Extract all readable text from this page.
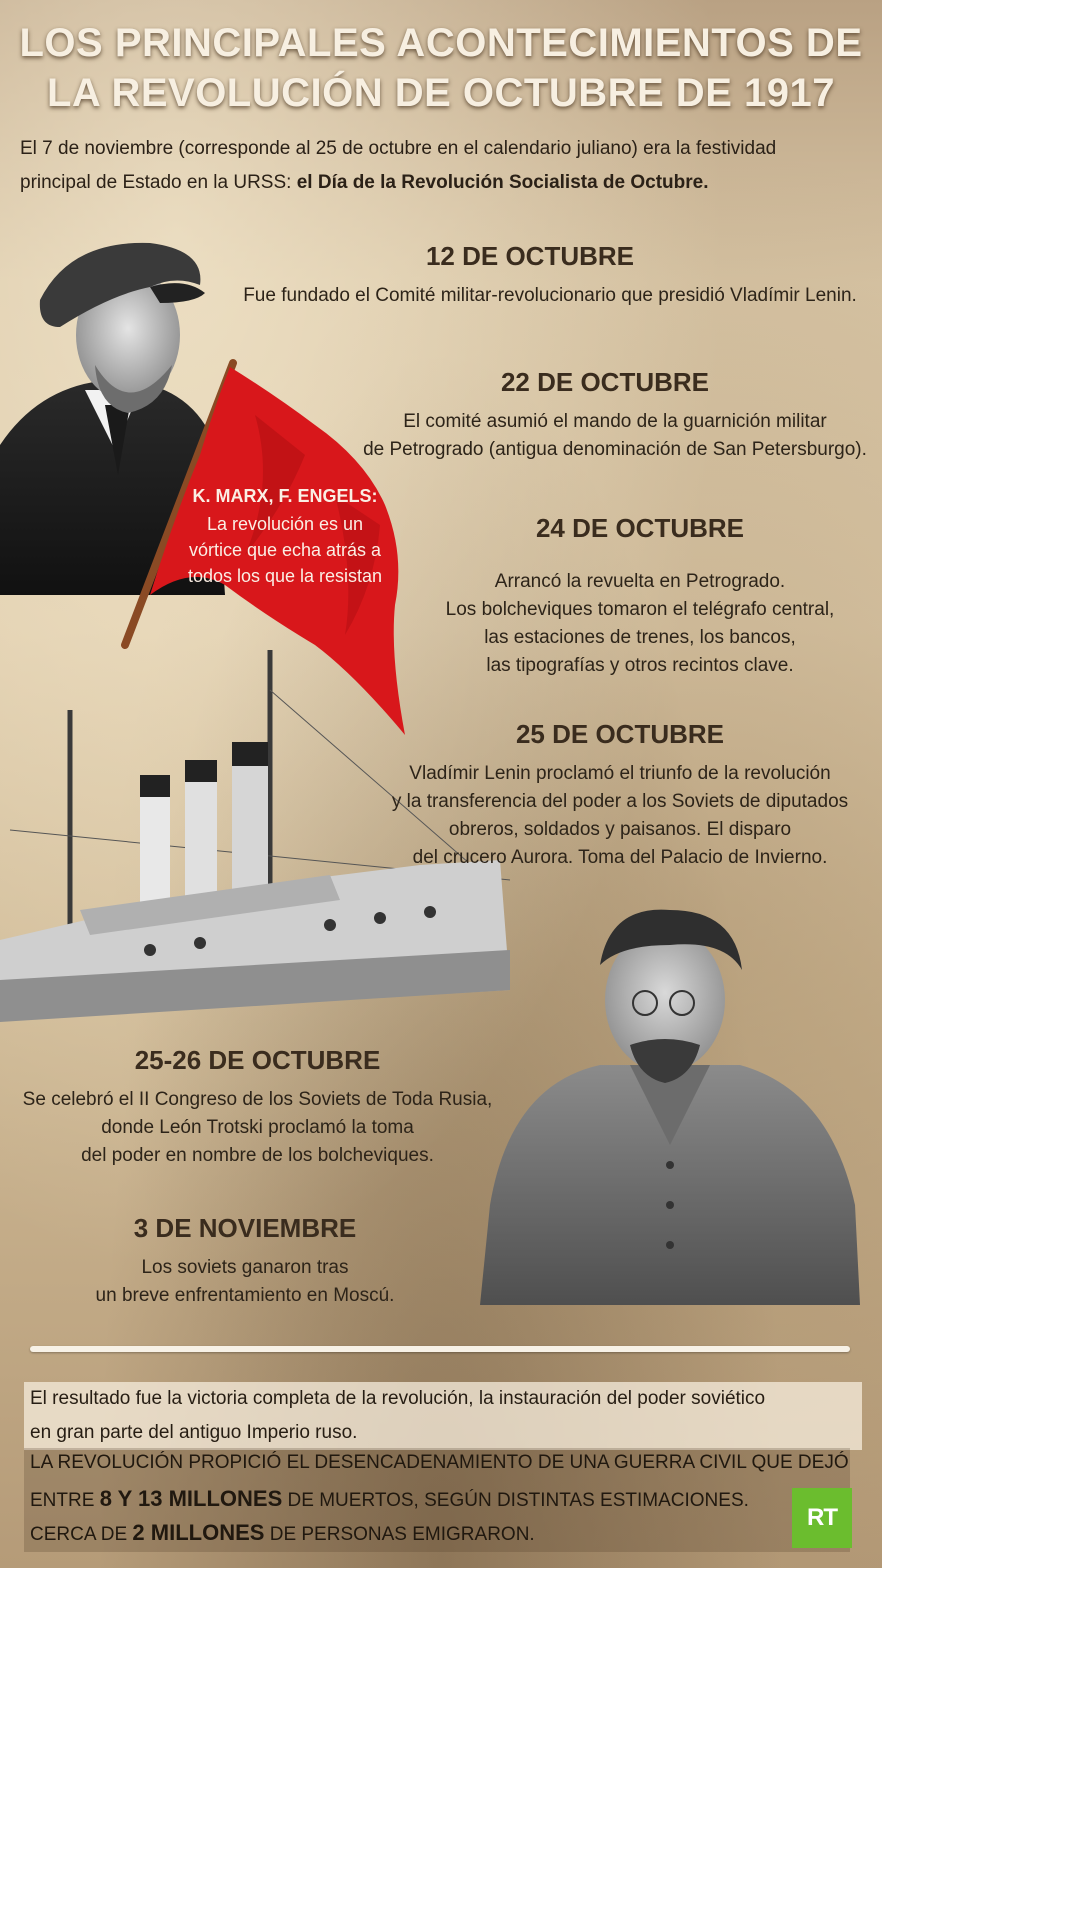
LOS PRINCIPALES ACONTECIMIENTOS DE
LA REVOLUCIÓN DE OCTUBRE DE 1917
El 7 de noviembre (corresponde al 25 de octubre en el calendario juliano) era la festividad
principal de Estado en la URSS: el Día de la Revolución Socialista de Octubre.
K. MARX, F. ENGELS:
La revolución es un vórtice que echa atrás a todos los que la resistan
12 DE OCTUBRE
Fue fundado el Comité militar-revolucionario que presidió Vladímir Lenin.
22 DE OCTUBRE
El comité asumió el mando de la guarnición militar
de Petrogrado (antigua denominación de San Petersburgo).
24 DE OCTUBRE
Arrancó la revuelta en Petrogrado.
Los bolcheviques tomaron el telégrafo central,
las estaciones de trenes, los bancos,
las tipografías y otros recintos clave.
25 DE OCTUBRE
Vladímir Lenin proclamó el triunfo de la revolución
y la transferencia del poder a los Soviets de diputados
obreros, soldados y paisanos. El disparo
del crucero Aurora. Toma del Palacio de Invierno.
25-26 DE OCTUBRE
Se celebró el II Congreso de los Soviets de Toda Rusia,
donde León Trotski proclamó la toma
del poder en nombre de los bolcheviques.
3 DE NOVIEMBRE
Los soviets ganaron tras
un breve enfrentamiento en Moscú.
El resultado fue la victoria completa de la revolución, la instauración del poder soviético
en gran parte del antiguo Imperio ruso.
LA REVOLUCIÓN PROPICIÓ EL DESENCADENAMIENTO DE UNA GUERRA CIVIL QUE DEJÓ
ENTRE 8 Y 13 MILLONES DE MUERTOS, SEGÚN DISTINTAS ESTIMACIONES.
CERCA DE 2 MILLONES DE PERSONAS EMIGRARON.
RT
